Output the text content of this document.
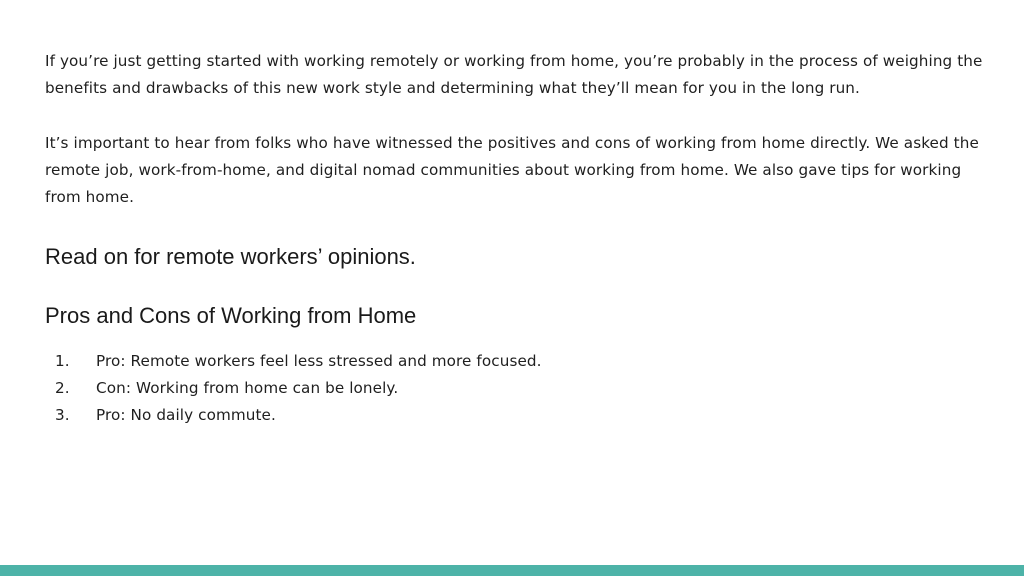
If you’re just getting started with working remotely or working from home, you’re probably in the process of weighing the benefits and drawbacks of this new work style and determining what they’ll mean for you in the long run.

It’s important to hear from folks who have witnessed the positives and cons of working from home directly. We asked the remote job, work-from-home, and digital nomad communities about working from home. We also gave tips for working from home.

Read on for remote workers’ opinions.
Pros and Cons of Working from Home
1. Pro: Remote workers feel less stressed and more focused.
2. Con: Working from home can be lonely.
3. Pro: No daily commute.
